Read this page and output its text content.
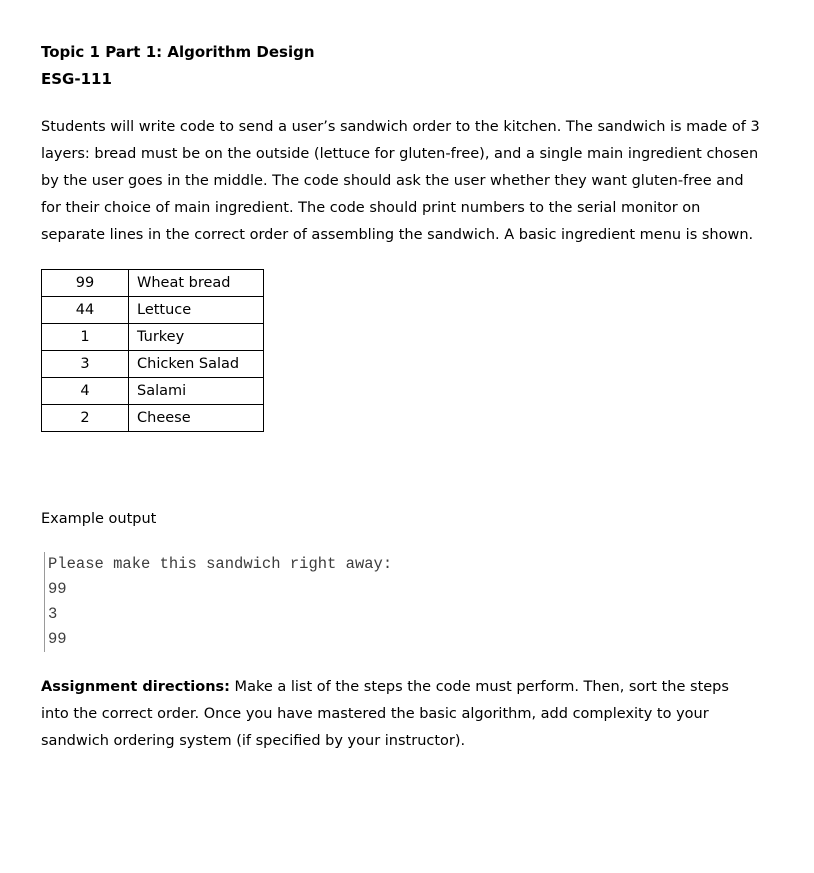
Topic 1 Part 1: Algorithm Design
ESG-111

Students will write code to send a user’s sandwich order to the kitchen. The sandwich is made of 3 layers: bread must be on the outside (lettuce for gluten-free), and a single main ingredient chosen by the user goes in the middle. The code should ask the user whether they want gluten-free and for their choice of main ingredient. The code should print numbers to the serial monitor on separate lines in the correct order of assembling the sandwich. A basic ingredient menu is shown.

99	Wheat bread
44	Lettuce
1	Turkey
3	Chicken Salad
4	Salami
2	Cheese

Example output

Please make this sandwich right away:
99
3
99

Assignment directions: Make a list of the steps the code must perform. Then, sort the steps into the correct order. Once you have mastered the basic algorithm, add complexity to your sandwich ordering system (if specified by your instructor).
